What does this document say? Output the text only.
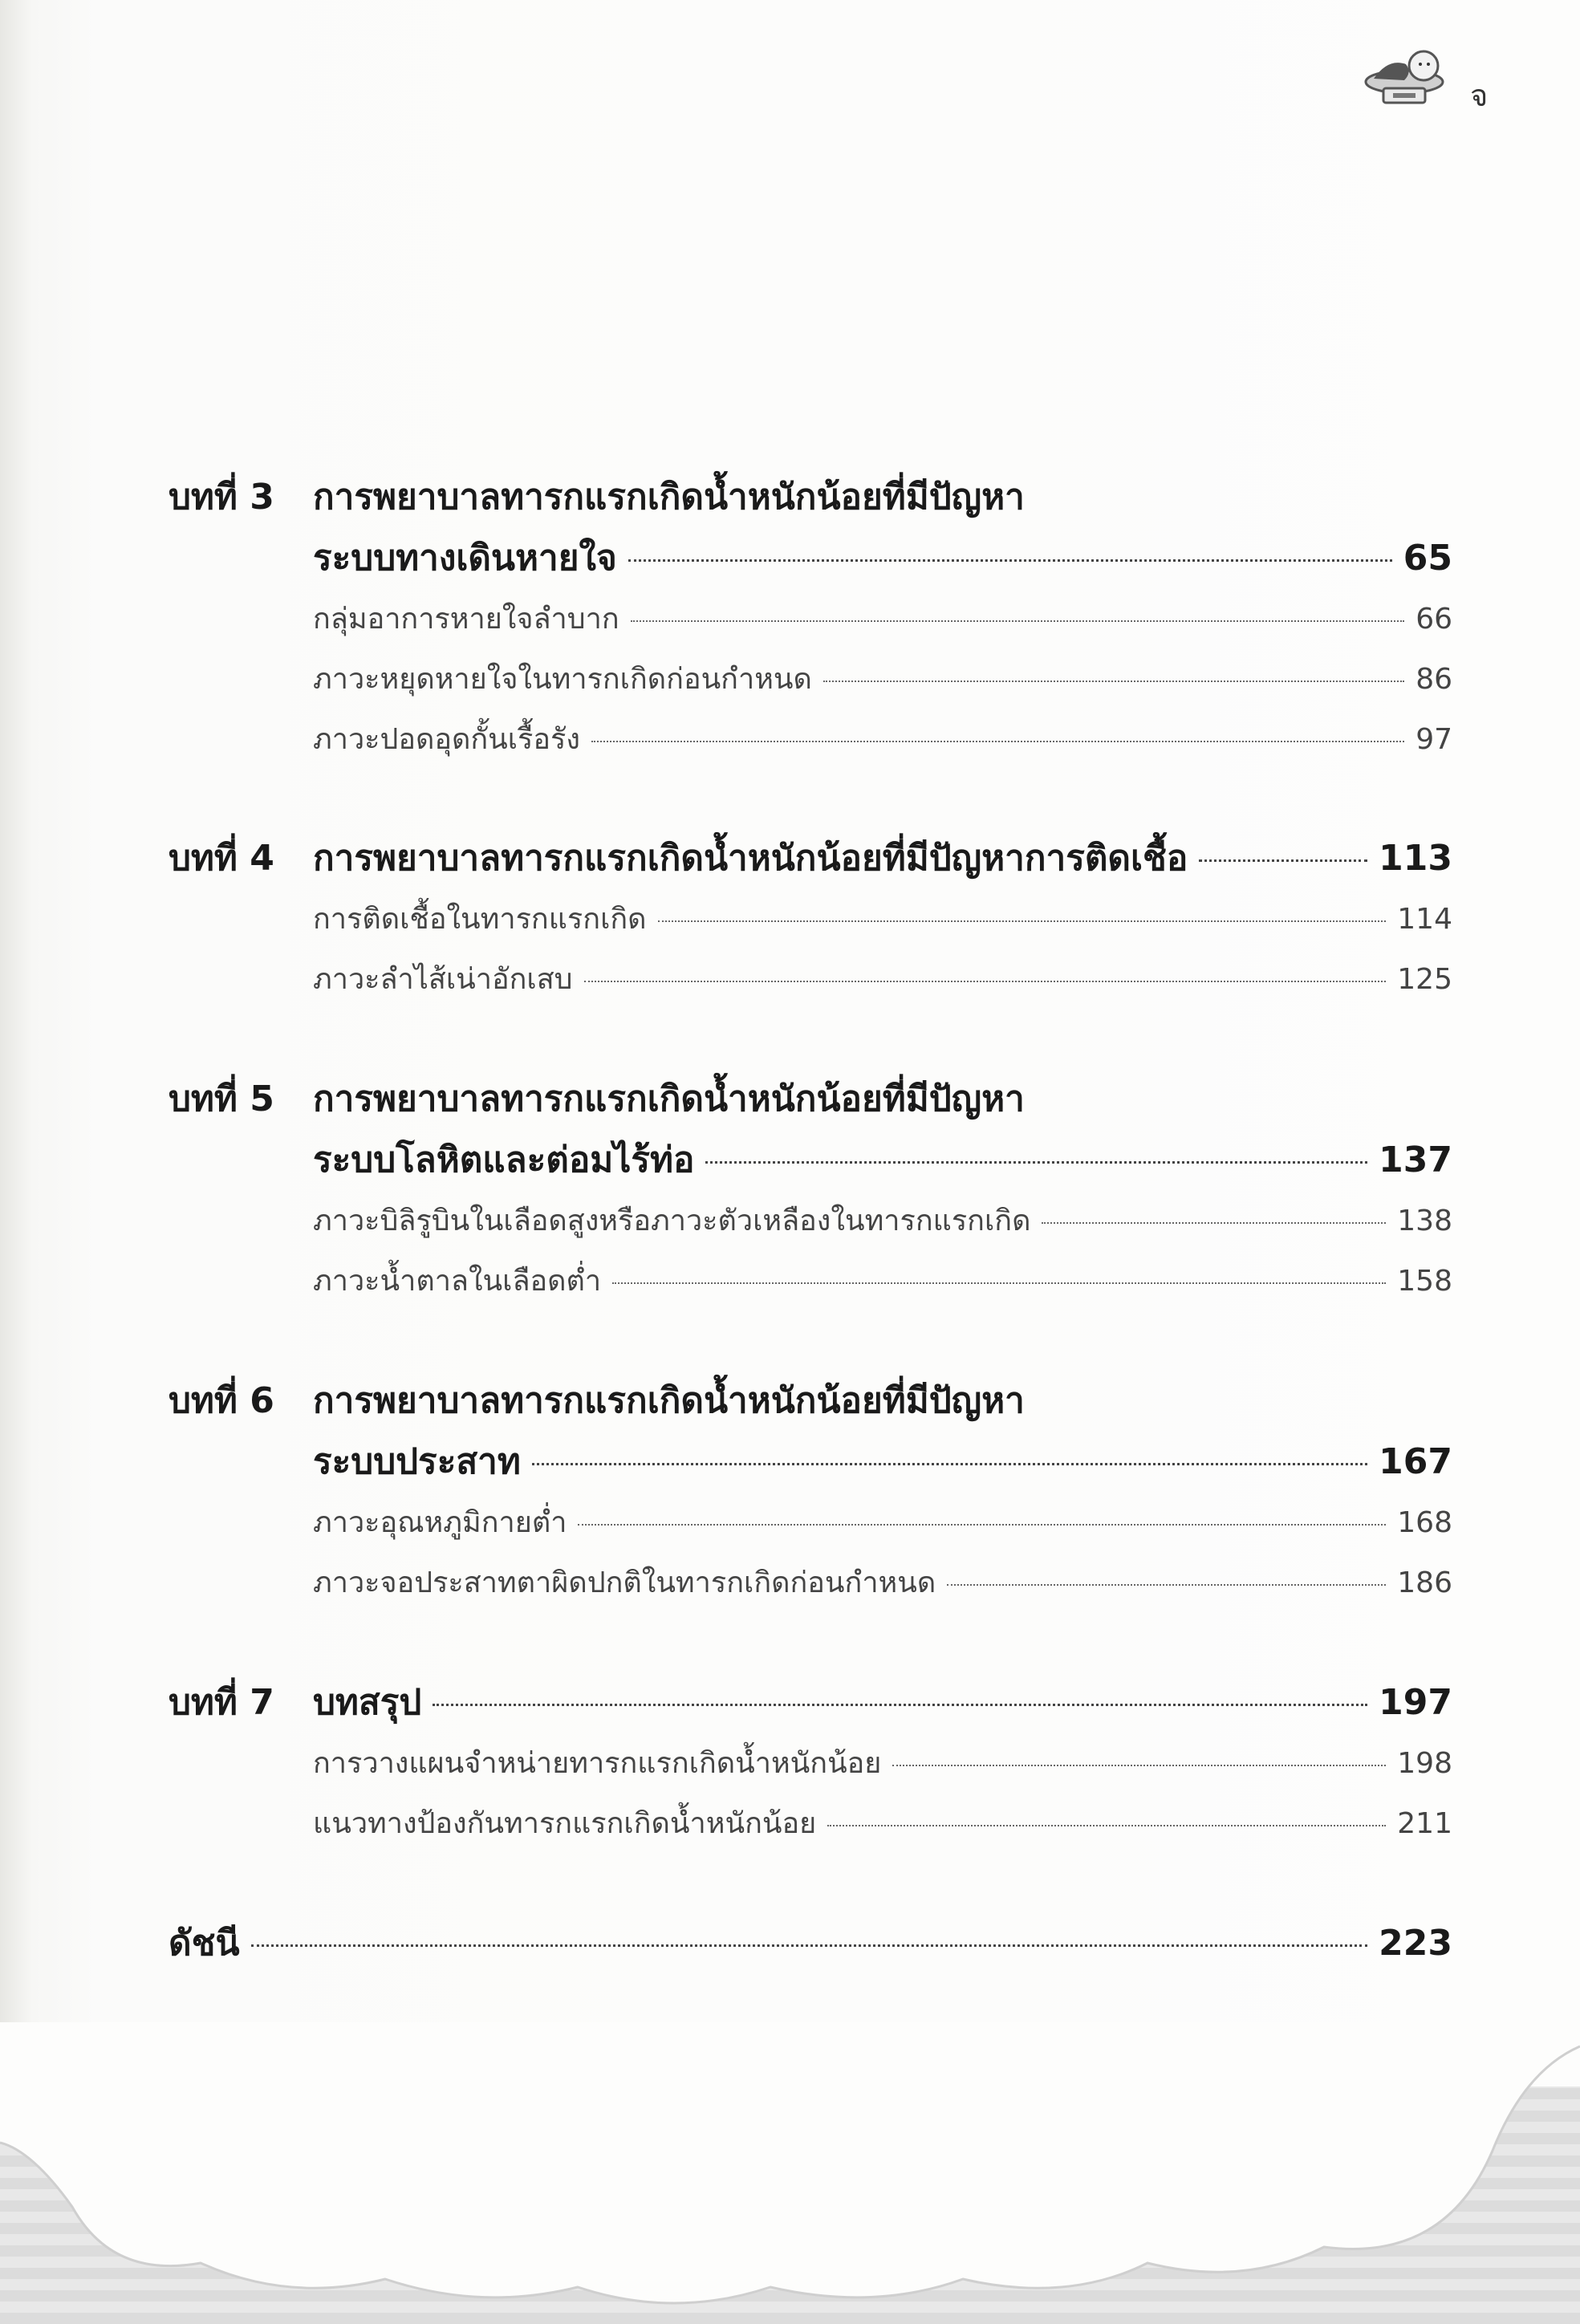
จ
บทที่ 3	การพยาบาลทารกแรกเกิดน้ำหนักน้อยที่มีปัญหา
ระบบทางเดินหายใจ	65
กลุ่มอาการหายใจลำบาก	66
ภาวะหยุดหายใจในทารกเกิดก่อนกำหนด	86
ภาวะปอดอุดกั้นเรื้อรัง	97
บทที่ 4	การพยาบาลทารกแรกเกิดน้ำหนักน้อยที่มีปัญหาการติดเชื้อ	113
การติดเชื้อในทารกแรกเกิด	114
ภาวะลำไส้เน่าอักเสบ	125
บทที่ 5	การพยาบาลทารกแรกเกิดน้ำหนักน้อยที่มีปัญหา
ระบบโลหิตและต่อมไร้ท่อ	137
ภาวะบิลิรูบินในเลือดสูงหรือภาวะตัวเหลืองในทารกแรกเกิด	138
ภาวะน้ำตาลในเลือดต่ำ	158
บทที่ 6	การพยาบาลทารกแรกเกิดน้ำหนักน้อยที่มีปัญหา
ระบบประสาท	167
ภาวะอุณหภูมิกายต่ำ	168
ภาวะจอประสาทตาผิดปกติในทารกเกิดก่อนกำหนด	186
บทที่ 7	บทสรุป	197
การวางแผนจำหน่ายทารกแรกเกิดน้ำหนักน้อย	198
แนวทางป้องกันทารกแรกเกิดน้ำหนักน้อย	211
ดัชนี	223
